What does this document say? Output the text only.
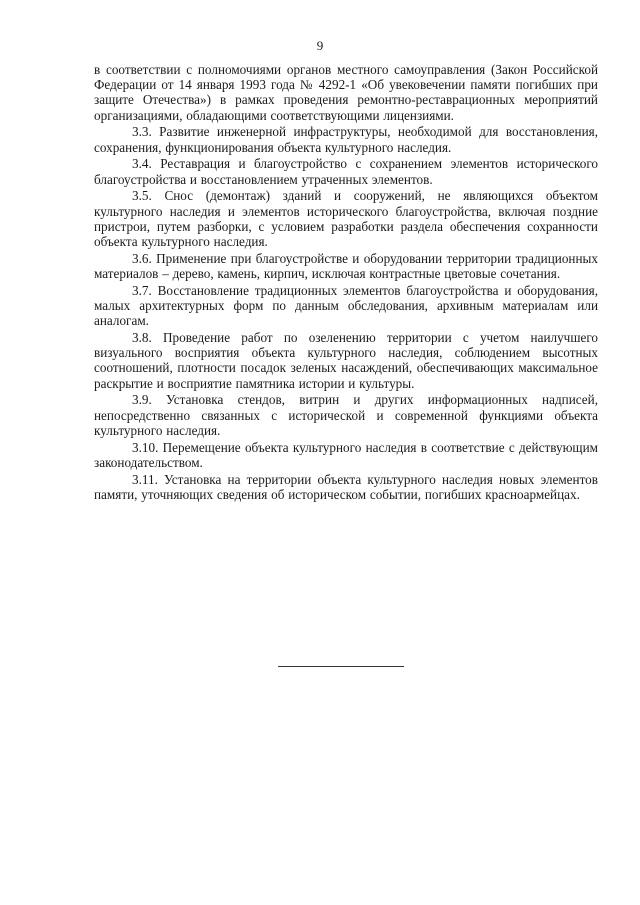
9

в соответствии с полномочиями органов местного самоуправления (Закон Российской Федерации от 14 января 1993 года № 4292-1 «Об увековечении памяти погибших при защите Отечества») в рамках проведения ремонтно-реставрационных мероприятий организациями, обладающими соответствующими лицензиями.

3.3. Развитие инженерной инфраструктуры, необходимой для восстановления, сохранения, функционирования объекта культурного наследия.

3.4. Реставрация и благоустройство с сохранением элементов исторического благоустройства и восстановлением утраченных элементов.

3.5. Снос (демонтаж) зданий и сооружений, не являющихся объектом культурного наследия и элементов исторического благоустройства, включая поздние пристрои, путем разборки, с условием разработки раздела обеспечения сохранности объекта культурного наследия.

3.6. Применение при благоустройстве и оборудовании территории традиционных материалов – дерево, камень, кирпич, исключая контрастные цветовые сочетания.

3.7. Восстановление традиционных элементов благоустройства и оборудования, малых архитектурных форм по данным обследования, архивным материалам или аналогам.

3.8. Проведение работ по озеленению территории с учетом наилучшего визуального восприятия объекта культурного наследия, соблюдением высотных соотношений, плотности посадок зеленых насаждений, обеспечивающих максимальное раскрытие и восприятие памятника истории и культуры.

3.9. Установка стендов, витрин и других информационных надписей, непосредственно связанных с исторической и современной функциями объекта культурного наследия.

3.10. Перемещение объекта культурного наследия в соответствие с действующим законодательством.

3.11. Установка на территории объекта культурного наследия новых элементов памяти, уточняющих сведения об историческом событии, погибших красноармейцах.
